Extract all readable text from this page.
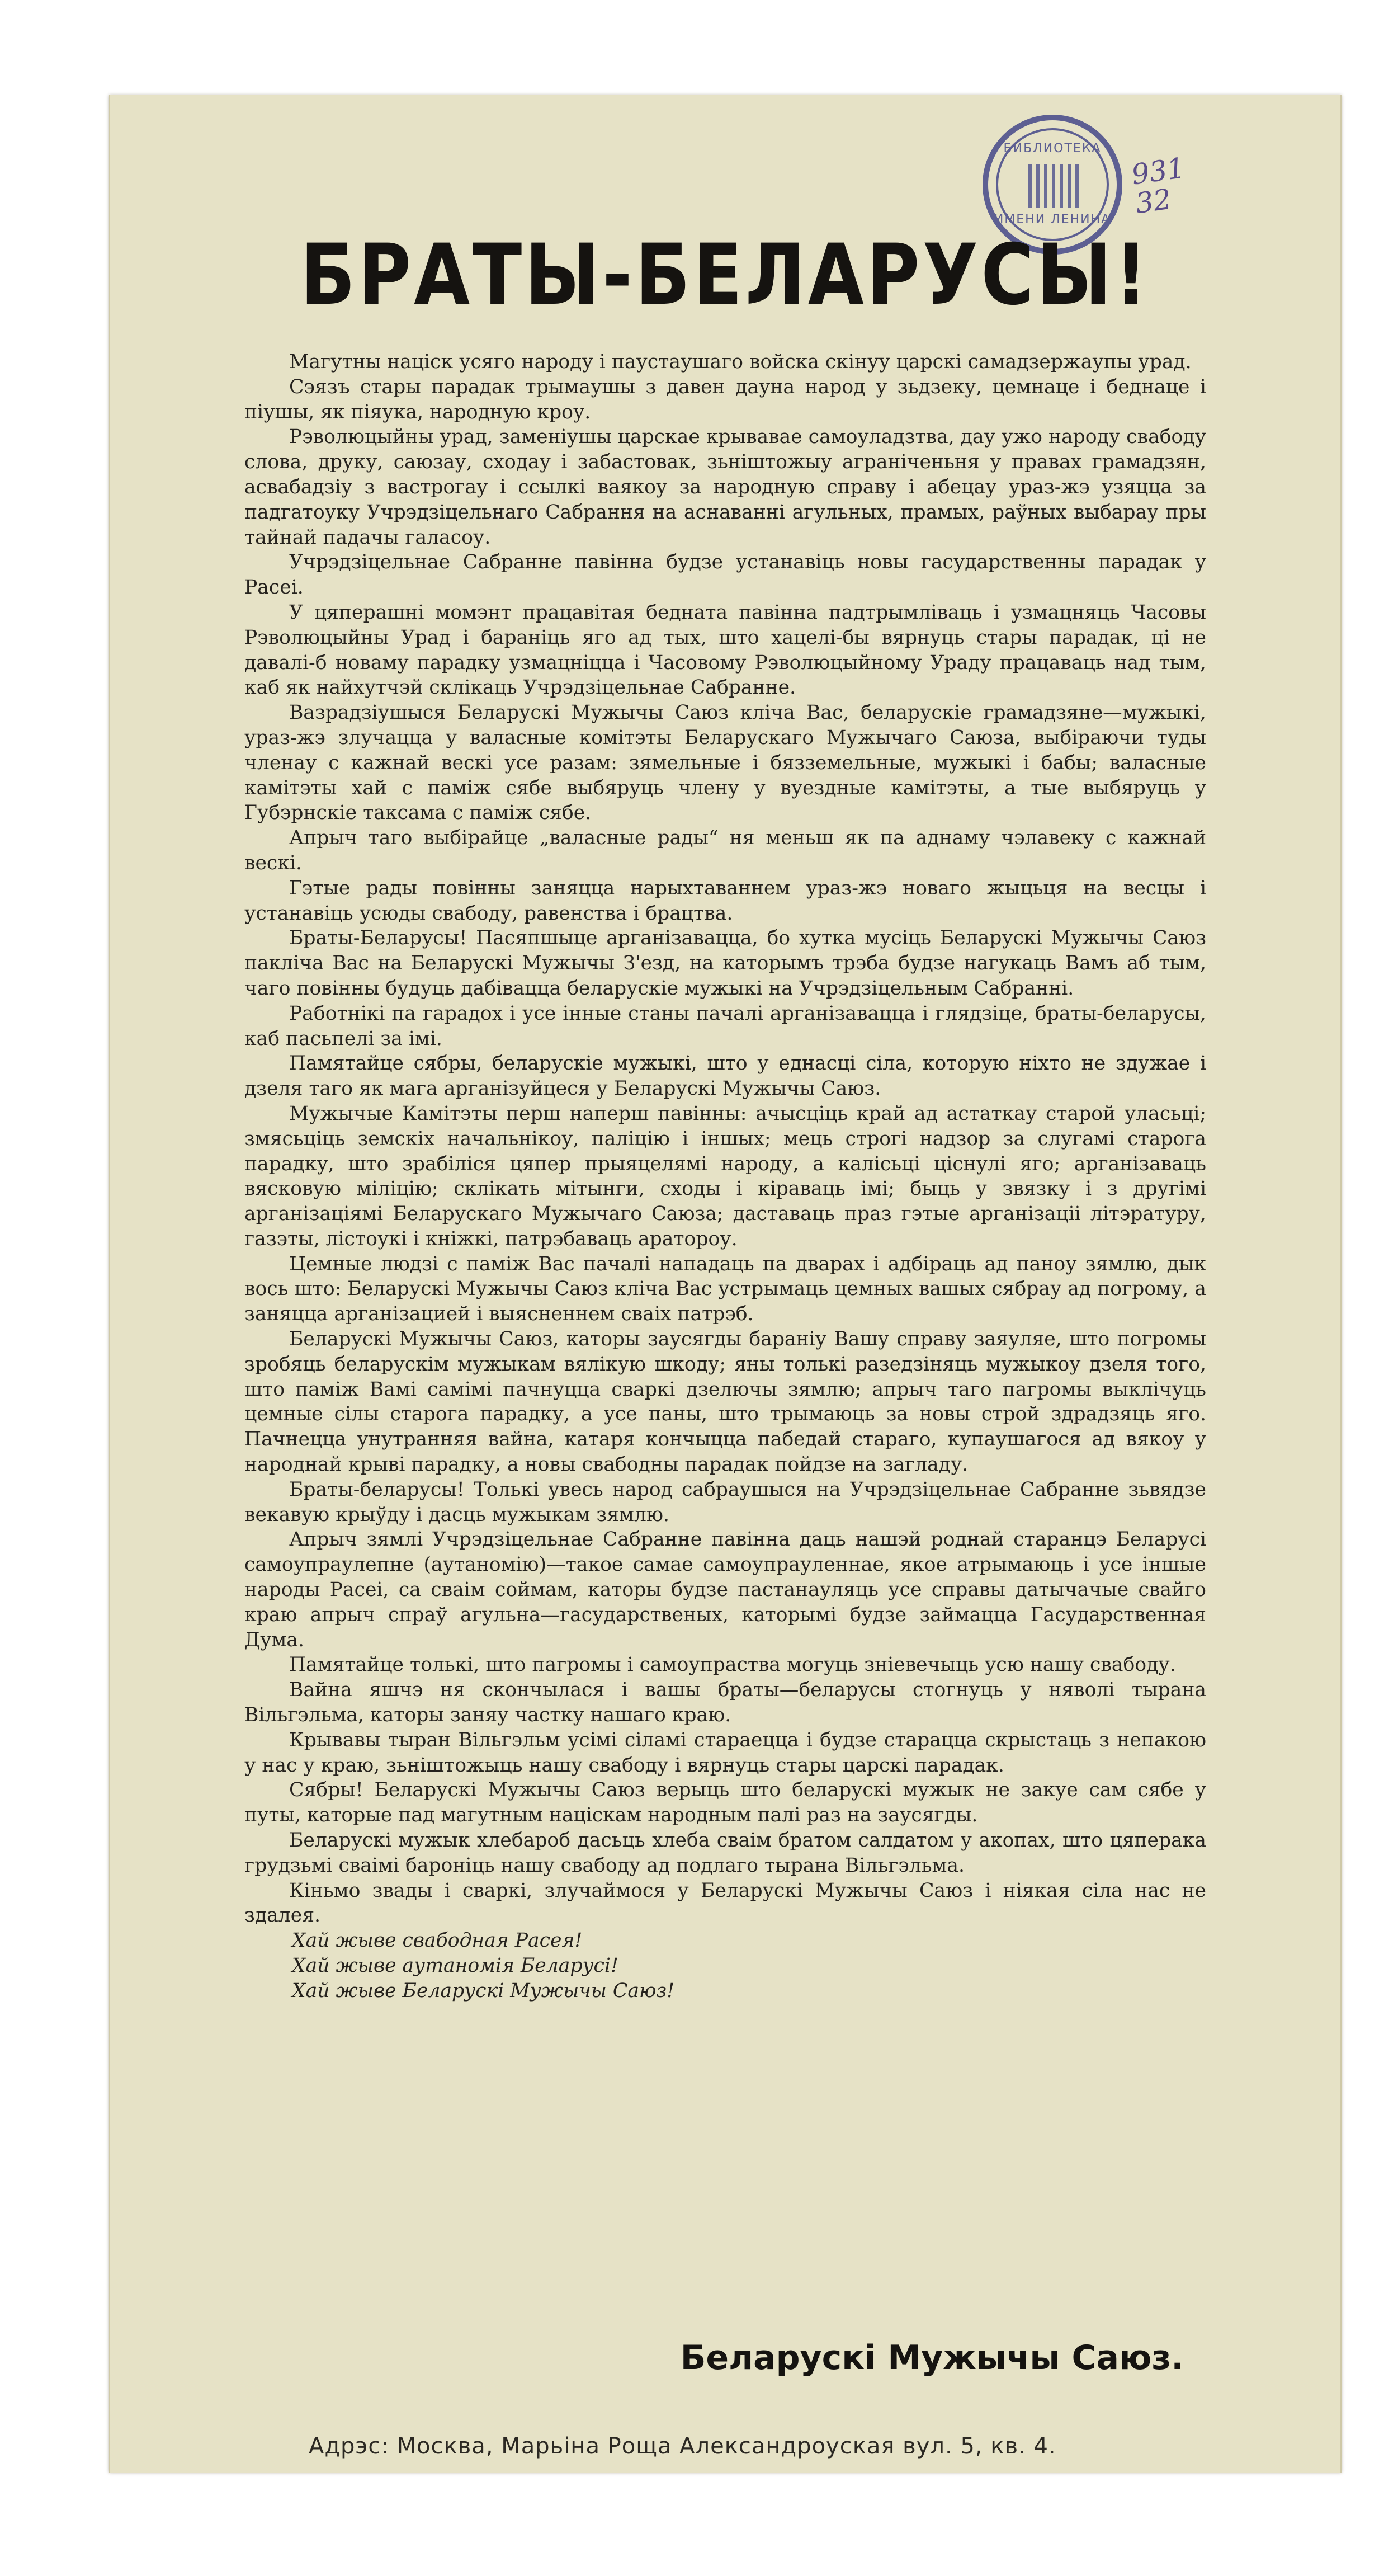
БИБЛИОТЕКА
ИМЕНИ ЛЕНИНА
931
32
БРАТЫ-БЕЛАРУСЫ!

Магутны націск усяго народу і паустаушаго войска скінуу царскі самадзержаупы урад.

Сэязъ стары парадак трымаушы з давен дауна народ у зьдзеку, цемнаце і беднаце і піушы, як піяука, народную кроу.

Рэволюцыйны урад, заменіушы царскае крывавае самоуладзтва, дау ужо народу свабоду слова, друку, саюзау, сходау і забастовак, зьніштожыу аграніченьня у правах грамадзян, асвабадзіу з вастрогау і ссылкі ваякоу за народную справу і абецау ураз-жэ узяцца за падгатоуку Учрэдзіцельнаго Сабрання на аснаванні агульных, прамых, раўных выбарау пры тайнай падачы галасоу.

Учрэдзіцельнае Сабранне павінна будзе устанавіць новы гасударственны парадак у Расеі.

У цяперашні момэнт працавітая бедната павінна падтрымліваць і узмацняць Часовы Рэволюцыйны Урад і бараніць яго ад тых, што хацелі-бы вярнуць стары парадак, ці не давалі-б новаму парадку узмацніцца і Часовому Рэволюцыйному Ураду працаваць над тым, каб як найхутчэй склікаць Учрэдзіцельнае Сабранне.

Вазрадзіушыся Беларускі Мужычы Саюз кліча Вас, беларускіе грамадзяне—мужыкі, ураз-жэ злучацца у валасные комітэты Беларускаго Мужычаго Саюза, выбіраючи туды членау с кажнай вескі усе разам: зямельные і бязземельные, мужыкі і бабы; валасные камітэты хай с паміж сябе выбяруць члену у вуездные камітэты, а тые выбяруць у Губэрнскіе таксама с паміж сябе.

Апрыч таго выбірайце „валасные рады“ ня меньш як па аднаму чэлавеку с кажнай вескі.

Гэтые рады повінны заняцца нарыхтаваннем ураз-жэ новаго жыцьця на весцы і устанавіць усюды свабоду, равенства і брацтва.

Браты-Беларусы! Пасяпшыце арганізавацца, бо хутка мусіць Беларускі Мужычы Саюз пакліча Вас на Беларускі Мужычы З'езд, на каторымъ трэба будзе нагукаць Вамъ аб тым, чаго повінны будуць дабівацца беларускіе мужыкі на Учрэдзіцельным Сабранні.

Работнікі па гарадох і усе інные станы пачалі арганізавацца і глядзіце, браты-беларусы, каб пасьпелі за імі.

Памятайце сябры, беларускіе мужыкі, што у еднасці сіла, которую ніхто не здужае і дзеля таго як мага арганізуйцеся у Беларускі Мужычы Саюз.

Мужычые Камітэты перш наперш павінны: ачысціць край ад астаткау старой уласьці; змяcьціць земскіх начальнікоу, паліцію і іншых; мець строгі надзор за слугамі старога парадку, што зрабіліся цяпер прыяцелямі народу, а калісьці ціснулі яго; арганізаваць вясковую міліцію; склікать мітынги, сходы і кіраваць імі; быць у звязку і з другімі арганізаціямі Беларускаго Мужычаго Саюза; даставаць праз гэтые арганізаціі літэратуру, газэты, лістоукі і кніжкі, патрэбаваць аратороу.

Цемные людзі с паміж Вас пачалі нападаць па дварах і адбіраць ад паноу зямлю, дык вось што: Беларускі Мужычы Саюз кліча Вас устрымаць цемных вашых сябрау ад погрому, а заняцца арганізацией і выясненнем сваіх патрэб.

Беларускі Мужычы Саюз, каторы заусягды бараніу Вашу справу заяуляе, што погромы зробяць беларускім мужыкам вялікую шкоду; яны толькі разедзіняць мужыкоу дзеля того, што паміж Вамі самімі пачнуцца сваркі дзелючы зямлю; апрыч таго пагромы выклічуць цемные сілы старога парадку, а усе паны, што трымаюць за новы строй здрадзяць яго. Пачнецца унутранняя вайна, катаря кончыцца пабедай стараго, купаушагося ад вякоу у народнай крыві парадку, а новы свабодны парадак пойдзе на загладу.

Браты-беларусы! Толькі увесь народ сабраушыся на Учрэдзіцельнае Сабранне зьвядзе векавую крыўду і дасць мужыкам зямлю.

Апрыч зямлі Учрэдзіцельнае Сабранне павінна даць нашэй роднай старанцэ Беларусі самоупраулепне (аутаномію)—такое самае самоупрауленнае, якое атрымаюць і усе іншые народы Расеі, са сваім соймам, каторы будзе пастанауляць усе справы датычачые свайго краю апрыч спраў агульна—гасударственых, каторымі будзе займацца Гасударственная Дума.

Памятайце толькі, што пагромы і самоупраства могуць зніевечыць усю нашу свабоду.

Вайна яшчэ ня скончылася і вашы браты—беларусы стогнуць у няволі тырана Вільгэльма, каторы заняу частку нашаго краю.

Крывавы тыран Вільгэльм усімі сіламі стараецца і будзе старацца скрыстаць з непакою у нас у краю, зьніштожыць нашу свабоду і вярнуць стары царскі парадак.

Сябры! Беларускі Мужычы Саюз верыць што беларускі мужык не закуе сам сябе у путы, каторые пад магутным націскам народным палі раз на заусягды.

Беларускі мужык хлебароб дасьць хлеба сваім братом салдатом у акопах, што цяперака грудзьмі сваімі бароніць нашу свабоду ад подлаго тырана Вільгэльма.

Кіньмо звады і сваркі, злучаймося у Беларускі Мужычы Саюз і ніякая сіла нас не здалея.

Хай жыве свабодная Расея!
Хай жыве аутаномія Беларусі!
Хай жыве Беларускі Мужычы Саюз!
Беларускі Мужычы Саюз.
Адрэс: Москва, Марьіна Роща Александроуская вул. 5, кв. 4.
